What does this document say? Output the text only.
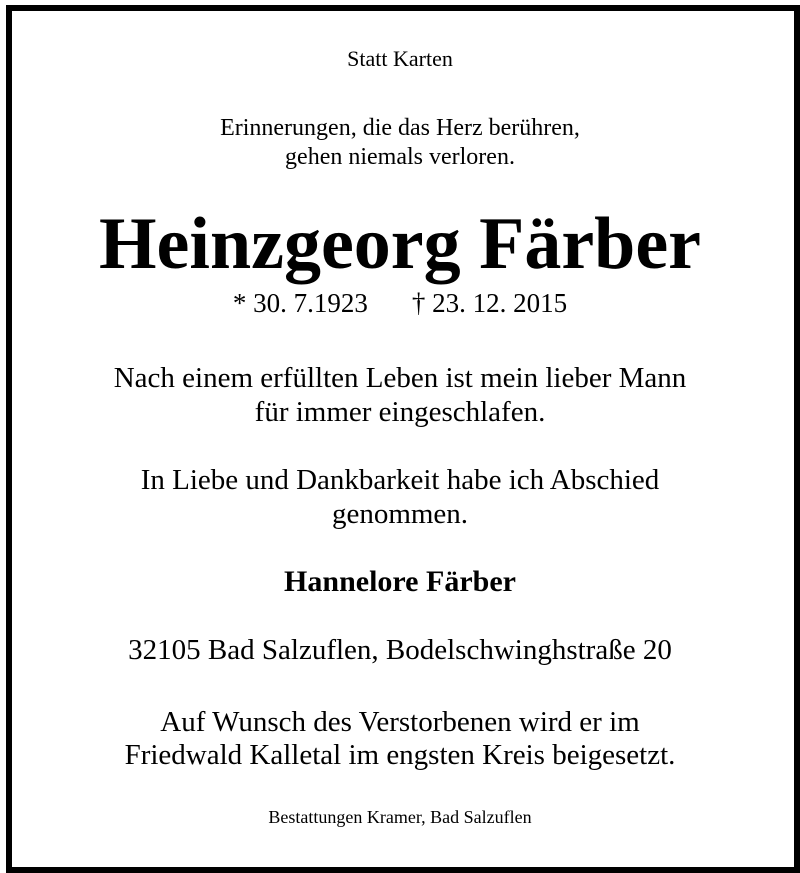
Statt Karten
Erinnerungen, die das Herz berühren,
gehen niemals verloren.
Heinzgeorg Färber
* 30. 7.1923 † 23. 12. 2015
Nach einem erfüllten Leben ist mein lieber Mann
für immer eingeschlafen.
In Liebe und Dankbarkeit habe ich Abschied
genommen.
Hannelore Färber
32105 Bad Salzuflen, Bodelschwinghstraße 20
Auf Wunsch des Verstorbenen wird er im
Friedwald Kalletal im engsten Kreis beigesetzt.
Bestattungen Kramer, Bad Salzuflen
